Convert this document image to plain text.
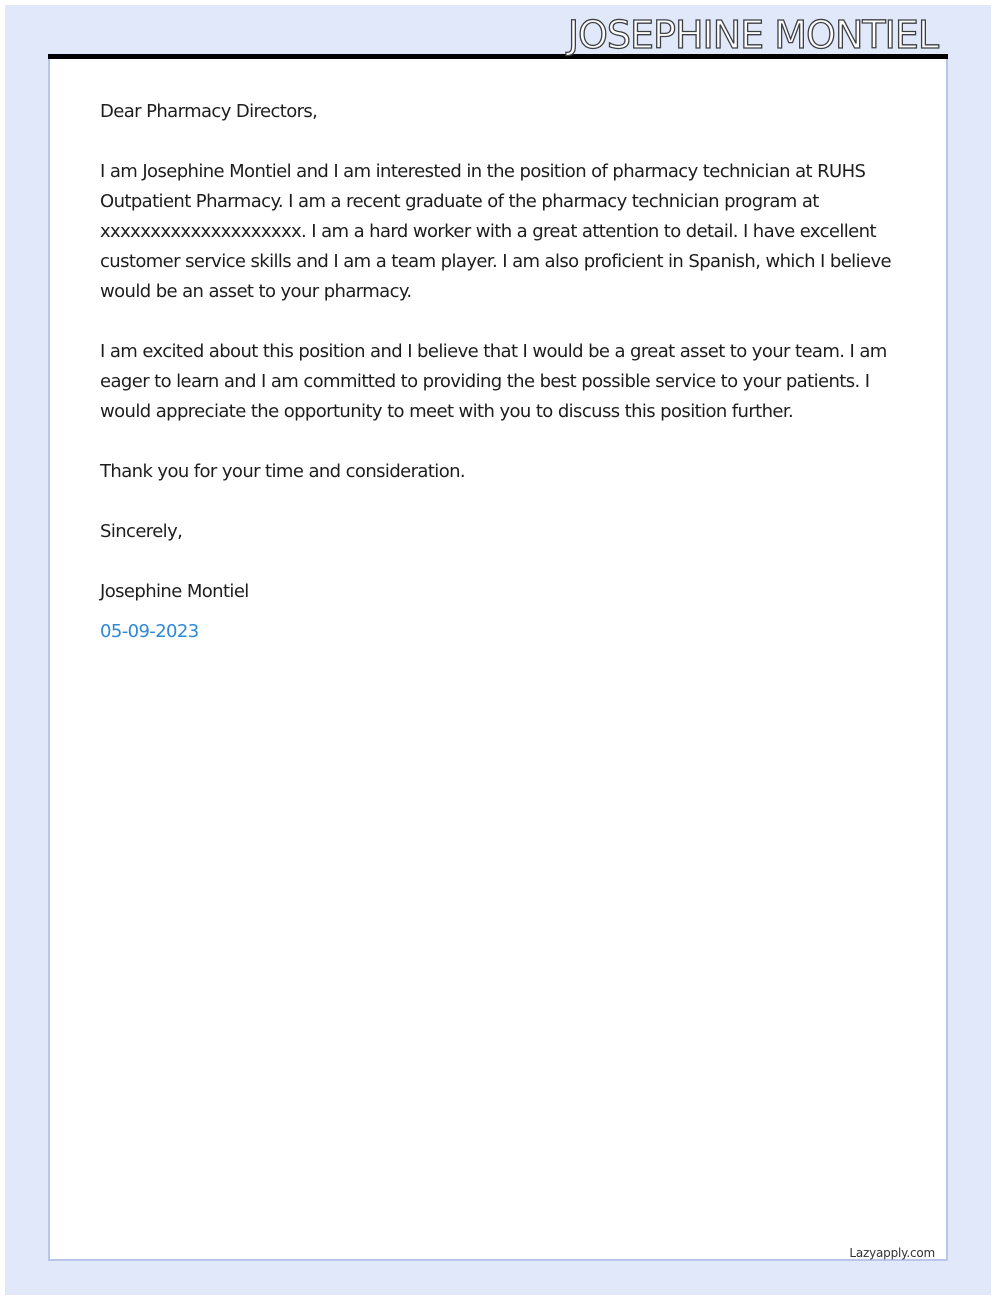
JOSEPHINE MONTIEL

Dear Pharmacy Directors,

I am Josephine Montiel and I am interested in the position of pharmacy technician at RUHS Outpatient Pharmacy. I am a recent graduate of the pharmacy technician program at xxxxxxxxxxxxxxxxxxxx. I am a hard worker with a great attention to detail. I have excellent customer service skills and I am a team player. I am also proficient in Spanish, which I believe would be an asset to your pharmacy.

I am excited about this position and I believe that I would be a great asset to your team. I am eager to learn and I am committed to providing the best possible service to your patients. I would appreciate the opportunity to meet with you to discuss this position further.

Thank you for your time and consideration.

Sincerely,

Josephine Montiel

05-09-2023

Lazyapply.com
